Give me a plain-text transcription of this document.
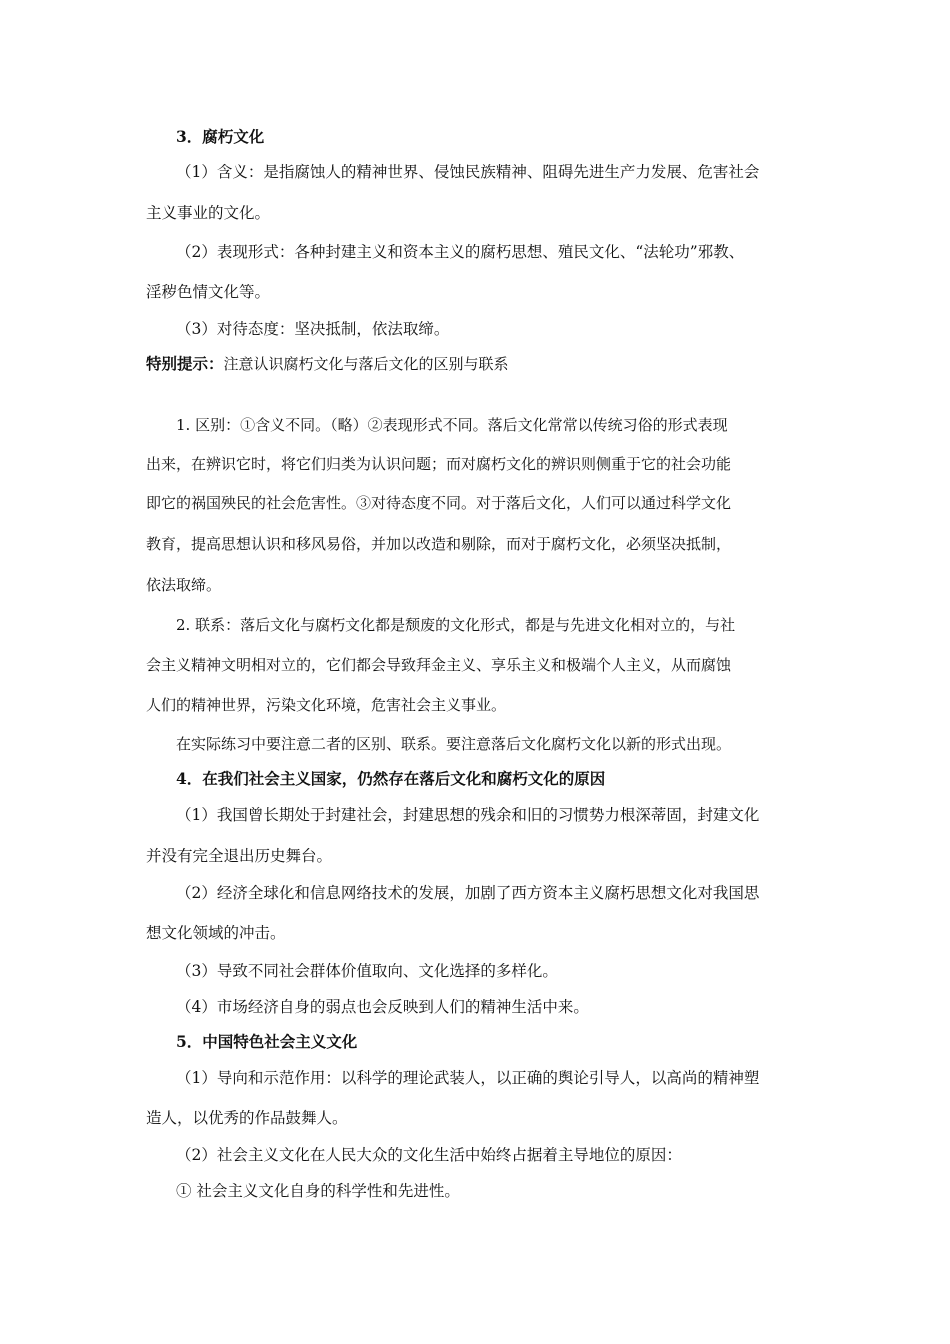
3．腐朽文化
（1）含义：是指腐蚀人的精神世界、侵蚀民族精神、阻碍先进生产力发展、危害社会
主义事业的文化。
（2）表现形式：各种封建主义和资本主义的腐朽思想、殖民文化、“法轮功”邪教、
淫秽色情文化等。
（3）对待态度：坚决抵制，依法取缔。
特别提示：注意认识腐朽文化与落后文化的区别与联系
1. 区别：①含义不同。（略）②表现形式不同。落后文化常常以传统习俗的形式表现
出来，在辨识它时，将它们归类为认识问题；而对腐朽文化的辨识则侧重于它的社会功能
即它的祸国殃民的社会危害性。③对待态度不同。对于落后文化，人们可以通过科学文化
教育，提高思想认识和移风易俗，并加以改造和剔除，而对于腐朽文化，必须坚决抵制，
依法取缔。
2. 联系：落后文化与腐朽文化都是颓废的文化形式，都是与先进文化相对立的，与社
会主义精神文明相对立的，它们都会导致拜金主义、享乐主义和极端个人主义，从而腐蚀
人们的精神世界，污染文化环境，危害社会主义事业。
在实际练习中要注意二者的区别、联系。要注意落后文化腐朽文化以新的形式出现。
4．在我们社会主义国家，仍然存在落后文化和腐朽文化的原因
（1）我国曾长期处于封建社会，封建思想的残余和旧的习惯势力根深蒂固，封建文化
并没有完全退出历史舞台。
（2）经济全球化和信息网络技术的发展，加剧了西方资本主义腐朽思想文化对我国思
想文化领域的冲击。
（3）导致不同社会群体价值取向、文化选择的多样化。
（4）市场经济自身的弱点也会反映到人们的精神生活中来。
5．中国特色社会主义文化
（1）导向和示范作用：以科学的理论武装人，以正确的舆论引导人，以高尚的精神塑
造人，以优秀的作品鼓舞人。
（2）社会主义文化在人民大众的文化生活中始终占据着主导地位的原因：
① 社会主义文化自身的科学性和先进性。
